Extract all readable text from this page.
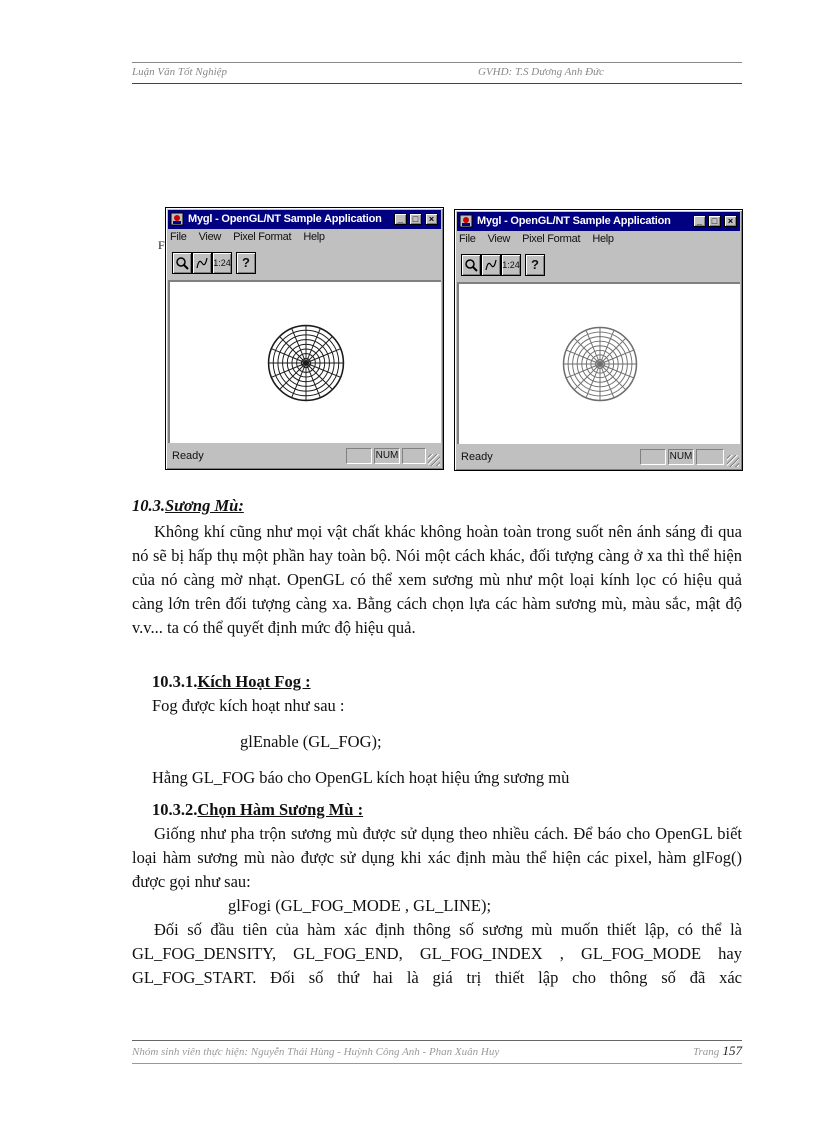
Luận Văn Tốt Nghiệp	GVHD: T.S Dương Anh Đức
F
Mygl - OpenGL/NT Sample Application	_	□	×
File View Pixel Format Help
1:24 ?
Ready	NUM
Mygl - OpenGL/NT Sample Application	_	□	×
File View Pixel Format Help
1:24 ?
Ready	NUM
10.3.Sương Mù:

Không khí cũng như mọi vật chất khác không hoàn toàn trong suốt nên ánh sáng đi qua nó sẽ bị hấp thụ một phần hay toàn bộ. Nói một cách khác, đối tượng càng ở xa thì thể hiện của nó càng mờ nhạt. OpenGL có thể xem sương mù như một loại kính lọc có hiệu quả càng lớn trên đối tượng càng xa. Bằng cách chọn lựa các hàm sương mù, màu sắc, mật độ v.v... ta có thể quyết định mức độ hiệu quả.

10.3.1.Kích Hoạt Fog :

Fog được kích hoạt như sau :

glEnable (GL_FOG);

Hằng GL_FOG báo cho OpenGL kích hoạt hiệu ứng sương mù

10.3.2.Chọn Hàm Sương Mù :

Giống như pha trộn sương mù được sử dụng theo nhiều cách. Để báo cho OpenGL biết loại hàm sương mù nào được sử dụng khi xác định màu thể hiện các pixel, hàm glFog() được gọi như sau:

glFogi (GL_FOG_MODE , GL_LINE);

Đối số đầu tiên của hàm xác định thông số sương mù muốn thiết lập, có thể là GL_FOG_DENSITY, GL_FOG_END, GL_FOG_INDEX , GL_FOG_MODE hay GL_FOG_START. Đối số thứ hai là giá trị thiết lập cho thông số đã xác

Nhóm sinh viên thực hiện: Nguyễn Thái Hùng - Huỳnh Công Anh - Phan Xuân Huy	Trang 157
